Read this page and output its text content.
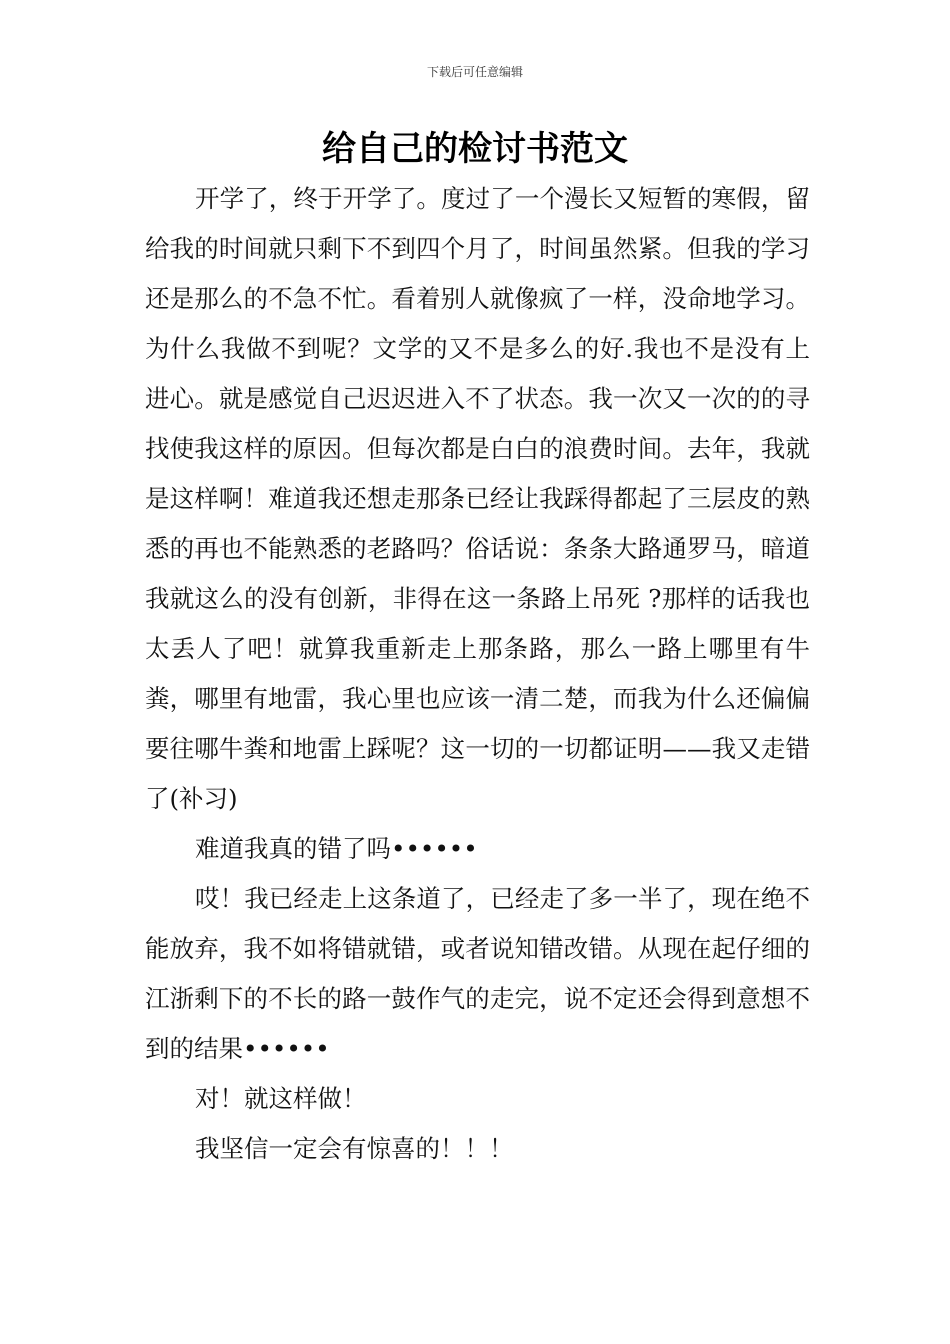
下载后可任意编辑
给自己的检讨书范文

开学了，终于开学了。度过了一个漫长又短暂的寒假，留给我的时间就只剩下不到四个月了，时间虽然紧。但我的学习还是那么的不急不忙。看着别人就像疯了一样，没命地学习。为什么我做不到呢？文学的又不是多么的好.我也不是没有上进心。就是感觉自己迟迟进入不了状态。我一次又一次的的寻找使我这样的原因。但每次都是白白的浪费时间。去年，我就是这样啊！难道我还想走那条已经让我踩得都起了三层皮的熟悉的再也不能熟悉的老路吗？俗话说：条条大路通罗马，暗道我就这么的没有创新，非得在这一条路上吊死 ?那样的话我也太丢人了吧！就算我重新走上那条路，那么一路上哪里有牛粪，哪里有地雷，我心里也应该一清二楚，而我为什么还偏偏要往哪牛粪和地雷上踩呢？这一切的一切都证明——我又走错了(补习)

难道我真的错了吗••••••

哎！我已经走上这条道了，已经走了多一半了，现在绝不能放弃，我不如将错就错，或者说知错改错。从现在起仔细的江浙剩下的不长的路一鼓作气的走完，说不定还会得到意想不到的结果••••••

对！就这样做！

我坚信一定会有惊喜的！！！
